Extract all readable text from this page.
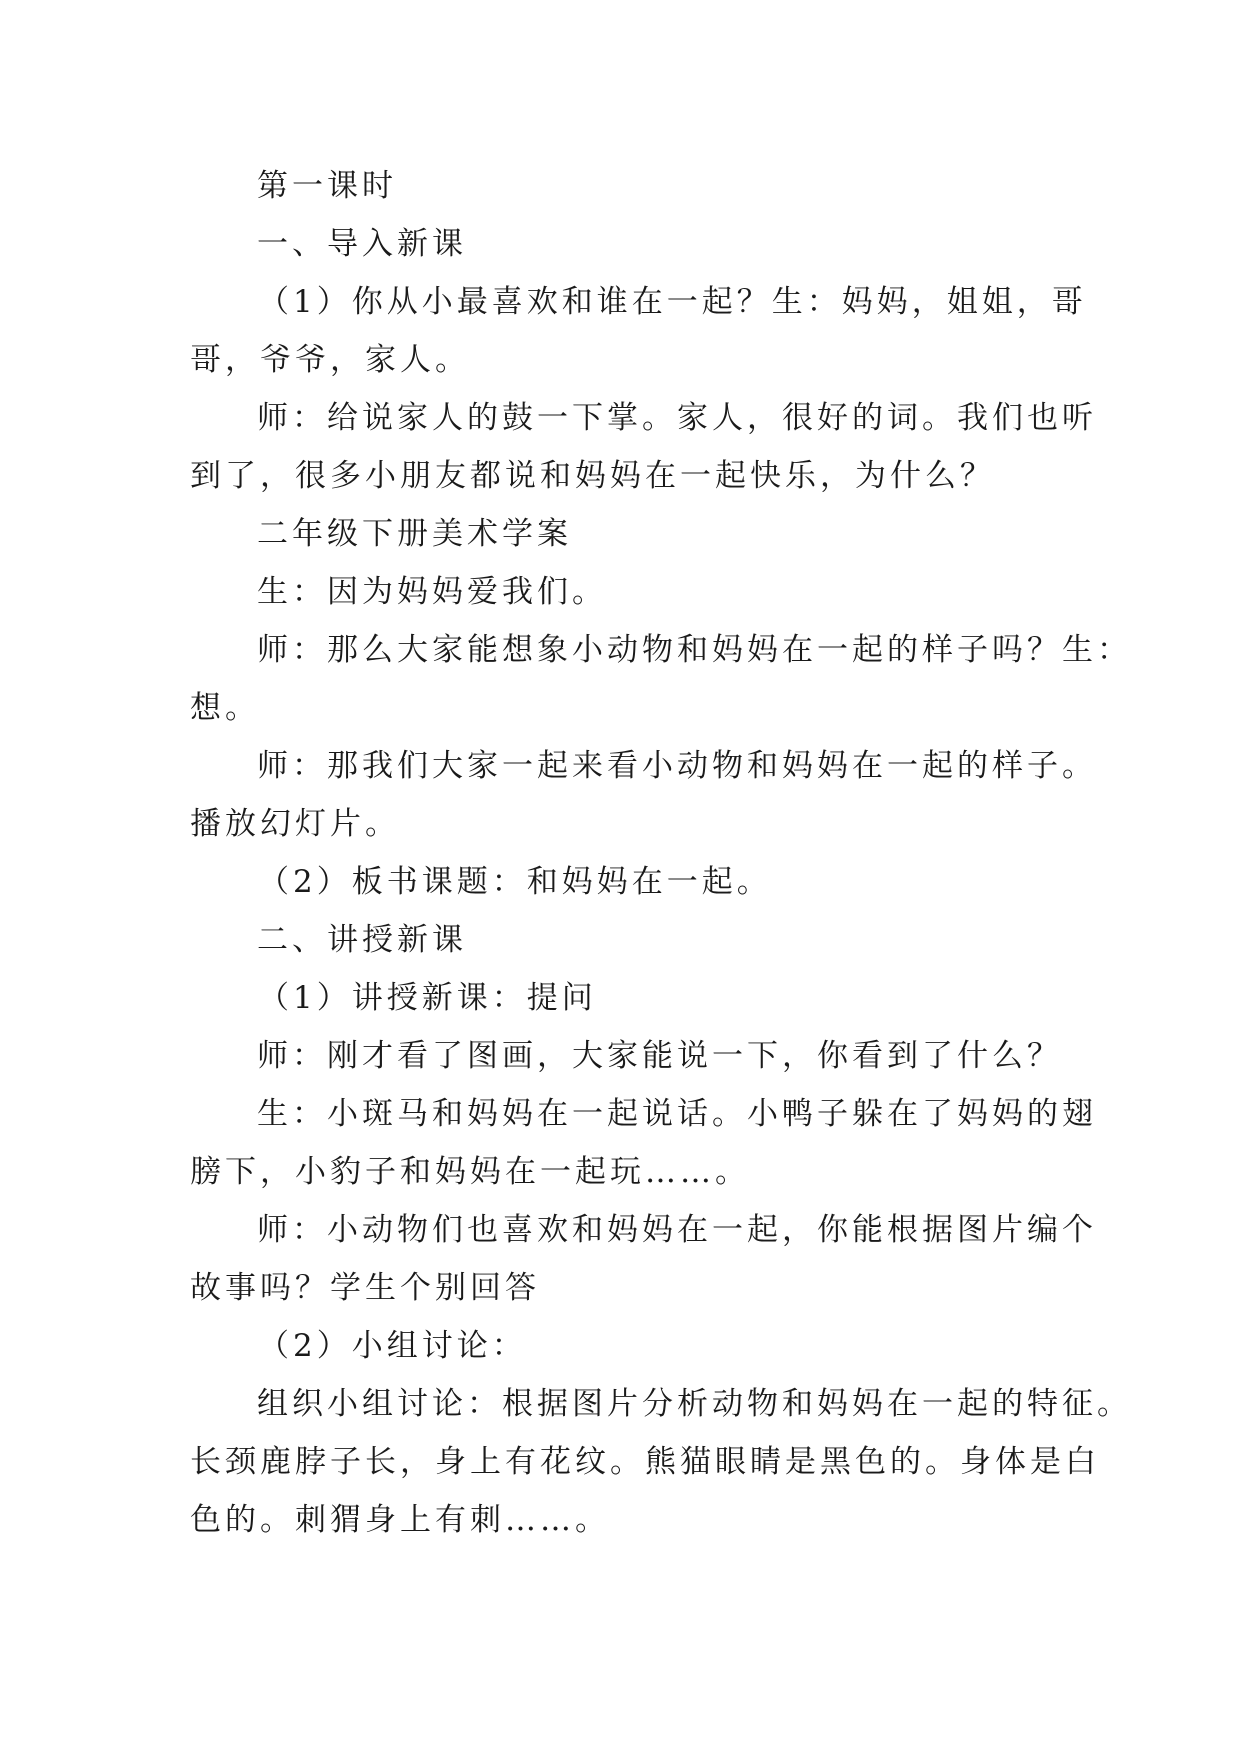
第一课时
一、导入新课
（1）你从小最喜欢和谁在一起？生：妈妈，姐姐，哥
哥，爷爷，家人。
师：给说家人的鼓一下掌。家人，很好的词。我们也听
到了，很多小朋友都说和妈妈在一起快乐，为什么？
二年级下册美术学案
生：因为妈妈爱我们。
师：那么大家能想象小动物和妈妈在一起的样子吗？生：
想。
师：那我们大家一起来看小动物和妈妈在一起的样子。
播放幻灯片。
（2）板书课题：和妈妈在一起。
二、讲授新课
（1）讲授新课：提问
师：刚才看了图画，大家能说一下，你看到了什么？
生：小斑马和妈妈在一起说话。小鸭子躲在了妈妈的翅
膀下，小豹子和妈妈在一起玩……。
师：小动物们也喜欢和妈妈在一起，你能根据图片编个
故事吗？学生个别回答
（2）小组讨论：
组织小组讨论：根据图片分析动物和妈妈在一起的特征。
长颈鹿脖子长，身上有花纹。熊猫眼睛是黑色的。身体是白
色的。刺猬身上有刺……。
